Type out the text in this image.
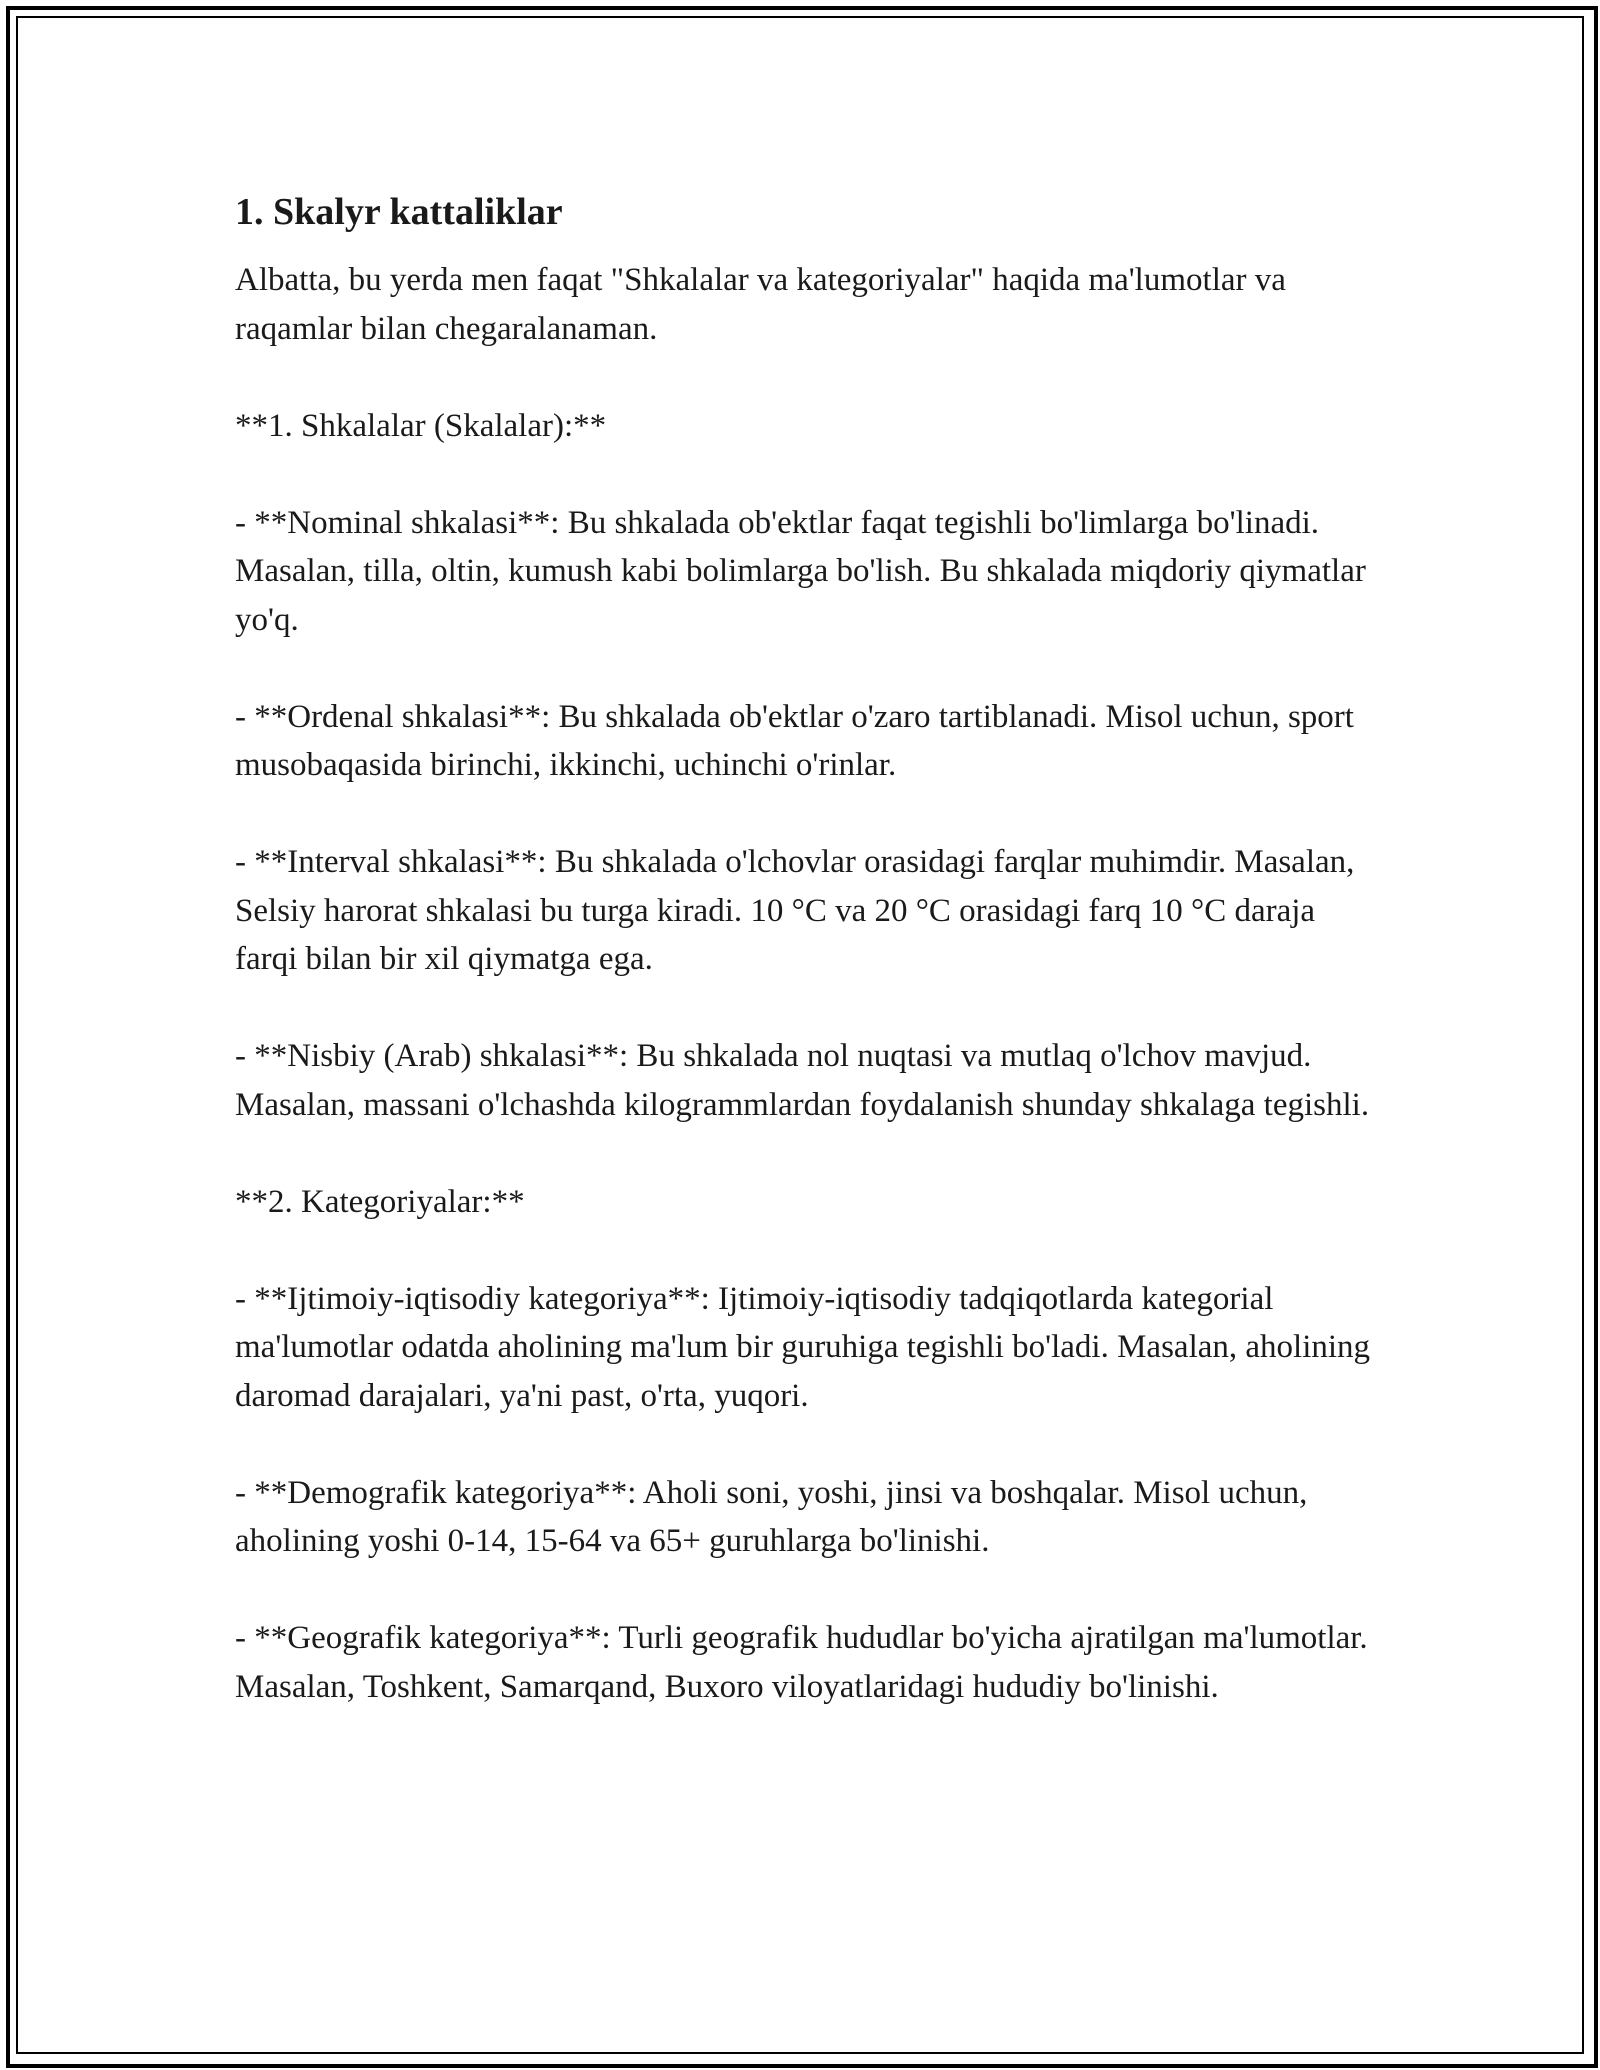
1. Skalyr kattaliklar

Albatta, bu yerda men faqat "Shkalalar va kategoriyalar" haqida ma'lumotlar va raqamlar bilan chegaralanaman.

**1. Shkalalar (Skalalar):**

- **Nominal shkalasi**: Bu shkalada ob'ektlar faqat tegishli bo'limlarga bo'linadi. Masalan, tilla, oltin, kumush kabi bolimlarga bo'lish. Bu shkalada miqdoriy qiymatlar yo'q.

- **Ordenal shkalasi**: Bu shkalada ob'ektlar o'zaro tartiblanadi. Misol uchun, sport musobaqasida birinchi, ikkinchi, uchinchi o'rinlar.

- **Interval shkalasi**: Bu shkalada o'lchovlar orasidagi farqlar muhimdir. Masalan, Selsiy harorat shkalasi bu turga kiradi. 10 °C va 20 °C orasidagi farq 10 °C daraja farqi bilan bir xil qiymatga ega.

- **Nisbiy (Arab) shkalasi**: Bu shkalada nol nuqtasi va mutlaq o'lchov mavjud. Masalan, massani o'lchashda kilogrammlardan foydalanish shunday shkalaga tegishli.

**2. Kategoriyalar:**

- **Ijtimoiy-iqtisodiy kategoriya**: Ijtimoiy-iqtisodiy tadqiqotlarda kategorial ma'lumotlar odatda aholining ma'lum bir guruhiga tegishli bo'ladi. Masalan, aholining daromad darajalari, ya'ni past, o'rta, yuqori.

- **Demografik kategoriya**: Aholi soni, yoshi, jinsi va boshqalar. Misol uchun, aholining yoshi 0-14, 15-64 va 65+ guruhlarga bo'linishi.

- **Geografik kategoriya**: Turli geografik hududlar bo'yicha ajratilgan ma'lumotlar. Masalan, Toshkent, Samarqand, Buxoro viloyatlaridagi hududiy bo'linishi.
